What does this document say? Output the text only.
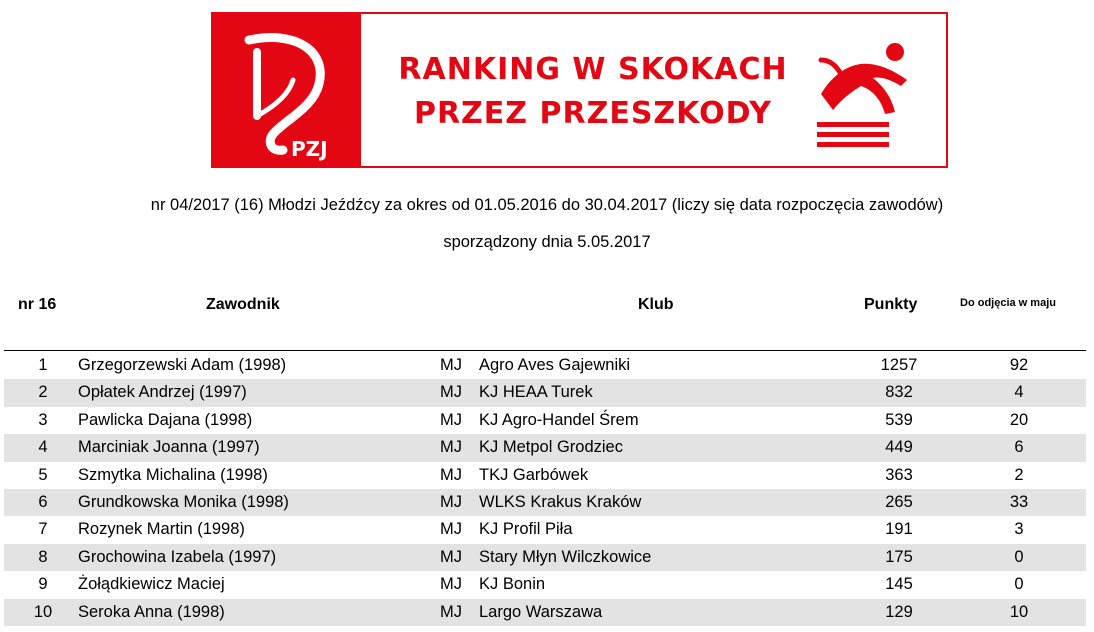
PZJ
RANKING W SKOKACH
PRZEZ PRZESZKODY
nr 04/2017 (16) Młodzi Jeźdźcy za okres od 01.05.2016 do 30.04.2017 (liczy się data rozpoczęcia zawodów)
sporządzony dnia 5.05.2017
nr 16	Zawodnik	Klub	Punkty	Do odjęcia w maju
1	Grzegorzewski Adam (1998)	MJ Agro Aves Gajewniki	1257	92
2	Opłatek Andrzej (1997)	MJ KJ HEAA Turek	832	4
3	Pawlicka Dajana (1998)	MJ KJ Agro-Handel Śrem	539	20
4	Marciniak Joanna (1997)	MJ KJ Metpol Grodziec	449	6
5	Szmytka Michalina (1998)	MJ TKJ Garbówek	363	2
6	Grundkowska Monika (1998)	MJ WLKS Krakus Kraków	265	33
7	Rozynek Martin (1998)	MJ KJ Profil Piła	191	3
8	Grochowina Izabela (1997)	MJ Stary Młyn Wilczkowice	175	0
9	Żołądkiewicz Maciej	MJ KJ Bonin	145	0
10	Seroka Anna (1998)	MJ Largo Warszawa	129	10
